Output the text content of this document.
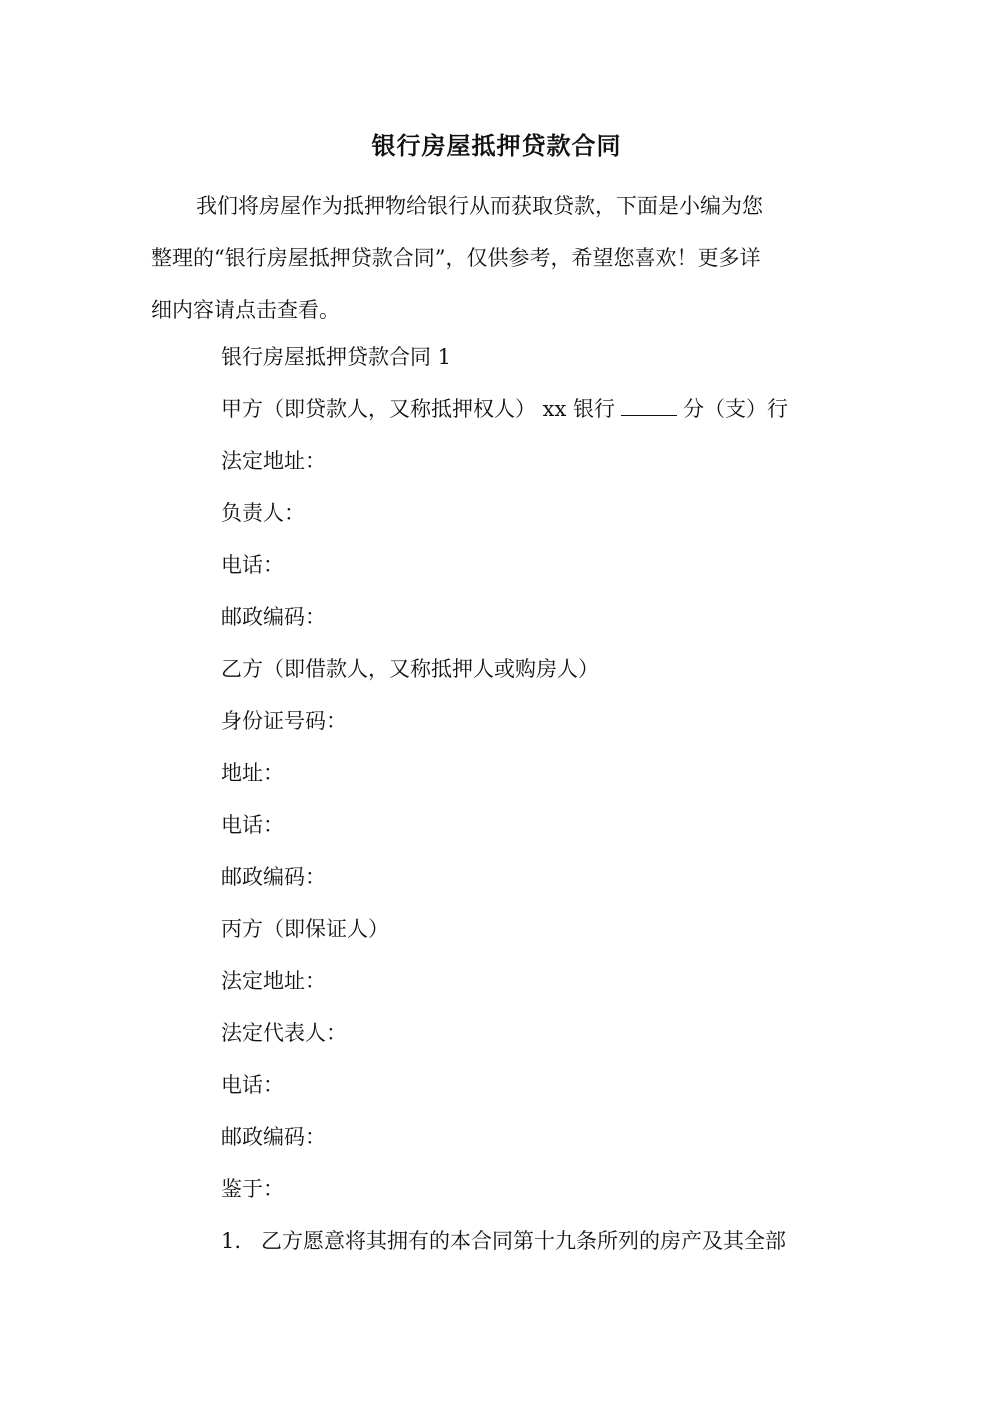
银行房屋抵押贷款合同

我们将房屋作为抵押物给银行从而获取贷款，下面是小编为您
整理的“银行房屋抵押贷款合同”，仅供参考，希望您喜欢！更多详
细内容请点击查看。

银行房屋抵押贷款合同 1
甲方（即贷款人，又称抵押权人） xx 银行	分（支）行
法定地址：
负责人：
电话：
邮政编码：
乙方（即借款人，又称抵押人或购房人）
身份证号码：
地址：
电话：
邮政编码：
丙方（即保证人）
法定地址：
法定代表人：
电话：
邮政编码：
鉴于：
1. 乙方愿意将其拥有的本合同第十九条所列的房产及其全部
